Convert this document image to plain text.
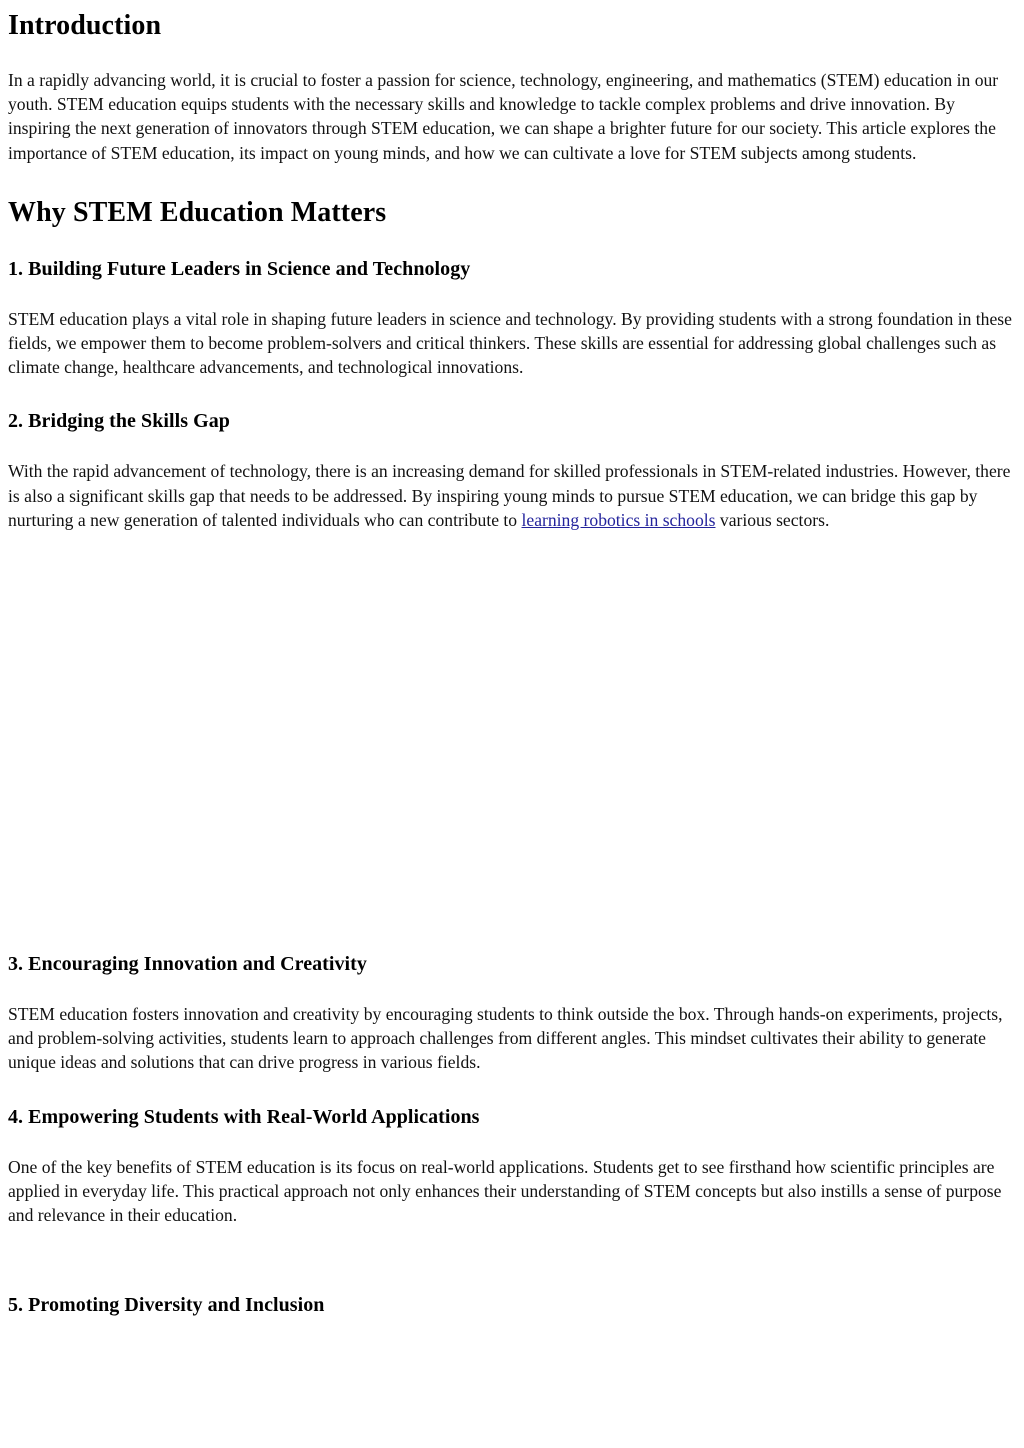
Introduction

In a rapidly advancing world, it is crucial to foster a passion for science, technology, engineering, and mathematics (STEM) education in our youth. STEM education equips students with the necessary skills and knowledge to tackle complex problems and drive innovation. By inspiring the next generation of innovators through STEM education, we can shape a brighter future for our society. This article explores the importance of STEM education, its impact on young minds, and how we can cultivate a love for STEM subjects among students.

Why STEM Education Matters
1. Building Future Leaders in Science and Technology

STEM education plays a vital role in shaping future leaders in science and technology. By providing students with a strong foundation in these fields, we empower them to become problem-solvers and critical thinkers. These skills are essential for addressing global challenges such as climate change, healthcare advancements, and technological innovations.

2. Bridging the Skills Gap

With the rapid advancement of technology, there is an increasing demand for skilled professionals in STEM-related industries. However, there is also a significant skills gap that needs to be addressed. By inspiring young minds to pursue STEM education, we can bridge this gap by nurturing a new generation of talented individuals who can contribute to learning robotics in schools various sectors.

3. Encouraging Innovation and Creativity

STEM education fosters innovation and creativity by encouraging students to think outside the box. Through hands-on experiments, projects, and problem-solving activities, students learn to approach challenges from different angles. This mindset cultivates their ability to generate unique ideas and solutions that can drive progress in various fields.

4. Empowering Students with Real-World Applications

One of the key benefits of STEM education is its focus on real-world applications. Students get to see firsthand how scientific principles are applied in everyday life. This practical approach not only enhances their understanding of STEM concepts but also instills a sense of purpose and relevance in their education.

5. Promoting Diversity and Inclusion
